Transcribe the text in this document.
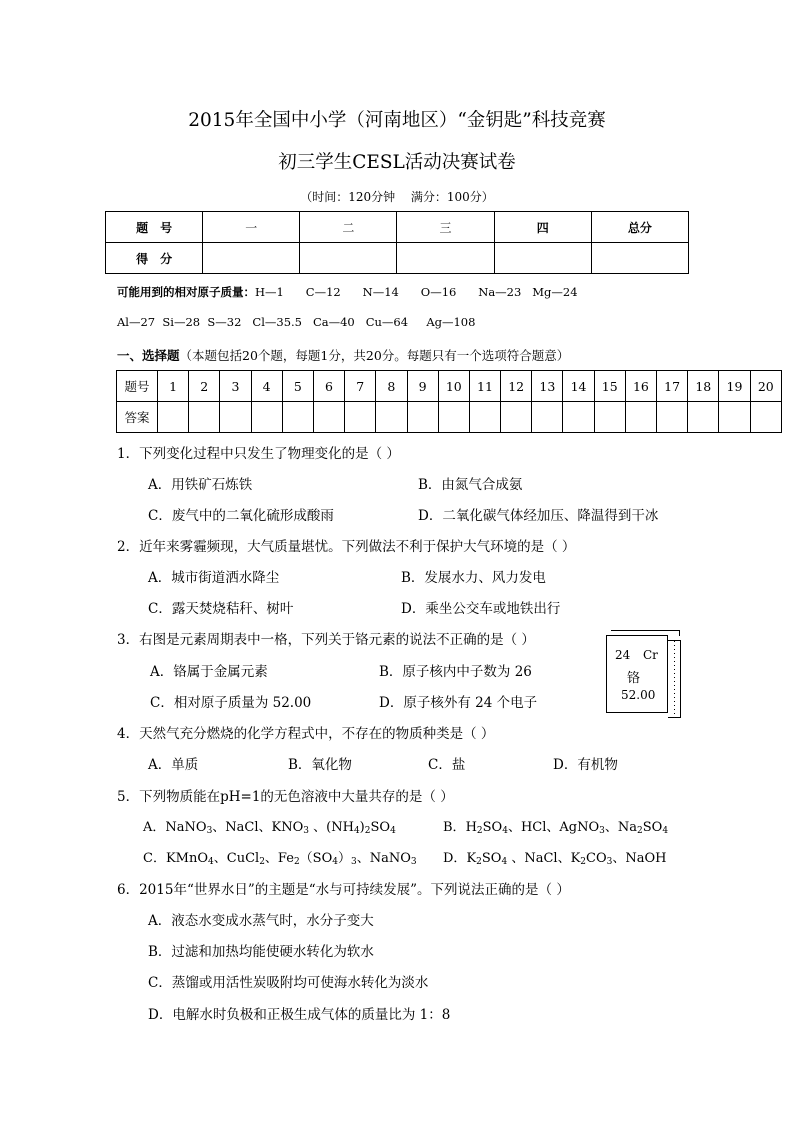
2015年全国中小学（河南地区）“金钥匙”科技竞赛
初三学生CESL活动决赛试卷
（时间：120分钟　 满分：100分）
题　号	一	二	三	四	总分
得　分					
可能用到的相对原子质量：H—1      C—12      N—14      O—16      Na—23   Mg—24
Al—27  Si—28  S—32   Cl—35.5   Ca—40   Cu—64     Ag—108
一、选择题（本题包括20个题，每题1分，共20分。每题只有一个选项符合题意）
题号	1	2	3	4	5	6	7	8	9	10	11	12	13	14	15	16	17	18	19	20
答案																				
1．下列变化过程中只发生了物理变化的是（ ）
A．用铁矿石炼铁	B．由氮气合成氨
C．废气中的二氧化硫形成酸雨	D．二氧化碳气体经加压、降温得到干冰
2．近年来雾霾频现，大气质量堪忧。下列做法不利于保护大气环境的是（ ）
A．城市街道洒水降尘	B．发展水力、风力发电
C．露天焚烧秸秆、树叶	D．乘坐公交车或地铁出行
3．右图是元素周期表中一格，下列关于铬元素的说法不正确的是（ ）
A．铬属于金属元素	B．原子核内中子数为 26
C．相对原子质量为 52.00	D．原子核外有 24 个电子
24 Cr
铬
52.00
4．天然气充分燃烧的化学方程式中，不存在的物质种类是（ ）
A．单质	B．氧化物	C．盐	D．有机物
5．下列物质能在pH=1的无色溶液中大量共存的是（ ）
A．NaNO$_3$、NaCl、$KNO_3$ 、$(NH_4)_2SO_4$	B．$H_2SO_4$、HCl、AgNO$_3$、$Na_2SO_4$
C．KMnO$_4$、CuCl$_2$、$Fe_2(SO_4)_3$、NaNO$_3$ D．$K_2SO_4$ 、NaCl、$K_2CO_3$、NaOH
6．2015年“世界水日”的主题是“水与可持续发展”。下列说法正确的是（ ）
A．液态水变成水蒸气时，水分子变大
B．过滤和加热均能使硬水转化为软水
C．蒸馏或用活性炭吸附均可使海水转化为淡水
D．电解水时负极和正极生成气体的质量比为 1：8
